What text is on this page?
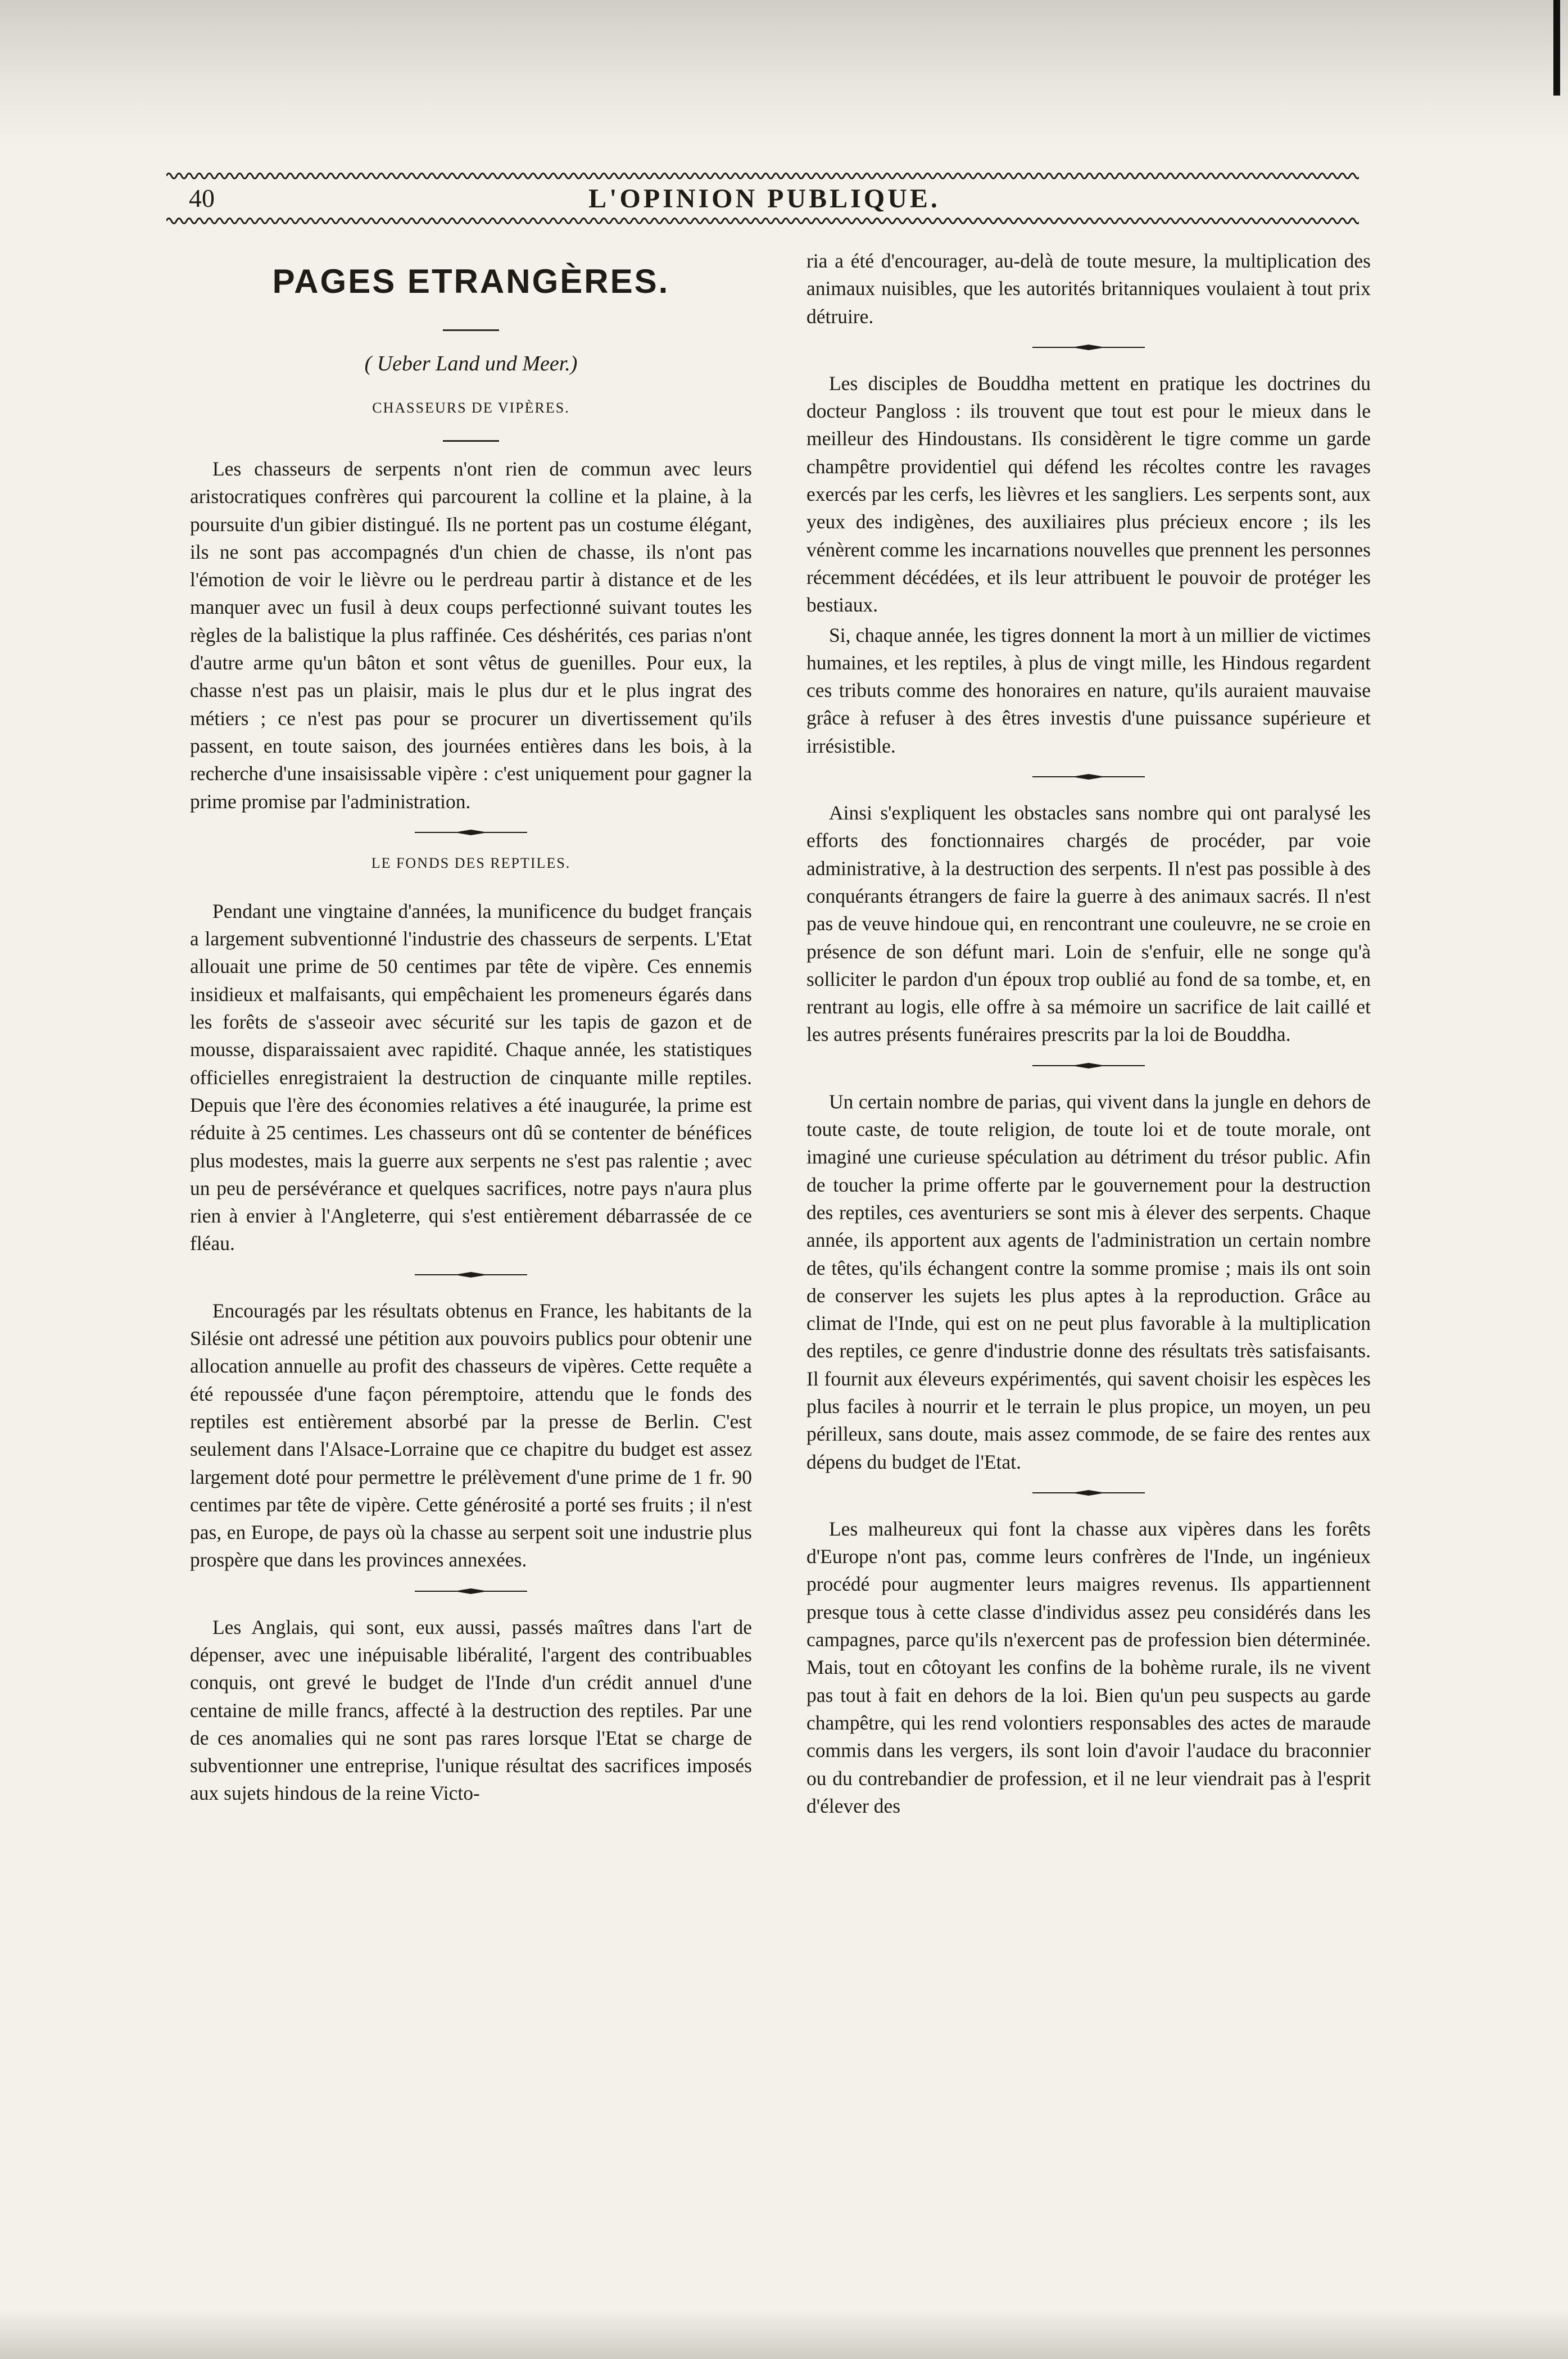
40	L'OPINION PUBLIQUE.
PAGES ETRANGÈRES.
( Ueber Land und Meer.)
CHASSEURS DE VIPÈRES.

Les chasseurs de serpents n'ont rien de commun avec leurs aristocratiques confrères qui parcourent la colline et la plaine, à la poursuite d'un gibier distingué. Ils ne portent pas un costume élégant, ils ne sont pas accompagnés d'un chien de chasse, ils n'ont pas l'émotion de voir le lièvre ou le perdreau partir à distance et de les manquer avec un fusil à deux coups perfectionné suivant toutes les règles de la balistique la plus raffinée. Ces déshérités, ces parias n'ont d'autre arme qu'un bâton et sont vêtus de guenilles. Pour eux, la chasse n'est pas un plaisir, mais le plus dur et le plus ingrat des métiers ; ce n'est pas pour se procurer un divertissement qu'ils passent, en toute saison, des journées entières dans les bois, à la recherche d'une insaisissable vipère : c'est uniquement pour gagner la prime promise par l'administration.

LE FONDS DES REPTILES.

Pendant une vingtaine d'années, la munificence du budget français a largement subventionné l'industrie des chasseurs de serpents. L'Etat allouait une prime de 50 centimes par tête de vipère. Ces ennemis insidieux et malfaisants, qui empêchaient les promeneurs égarés dans les forêts de s'asseoir avec sécurité sur les tapis de gazon et de mousse, disparaissaient avec rapidité. Chaque année, les statistiques officielles enregistraient la destruction de cinquante mille reptiles. Depuis que l'ère des économies relatives a été inaugurée, la prime est réduite à 25 centimes. Les chasseurs ont dû se contenter de bénéfices plus modestes, mais la guerre aux serpents ne s'est pas ralentie ; avec un peu de persévérance et quelques sacrifices, notre pays n'aura plus rien à envier à l'Angleterre, qui s'est entièrement débarrassée de ce fléau.

Encouragés par les résultats obtenus en France, les habitants de la Silésie ont adressé une pétition aux pouvoirs publics pour obtenir une allocation annuelle au profit des chasseurs de vipères. Cette requête a été repoussée d'une façon péremptoire, attendu que le fonds des reptiles est entièrement absorbé par la presse de Berlin. C'est seulement dans l'Alsace-Lorraine que ce chapitre du budget est assez largement doté pour permettre le prélèvement d'une prime de 1 fr. 90 centimes par tête de vipère. Cette générosité a porté ses fruits ; il n'est pas, en Europe, de pays où la chasse au serpent soit une industrie plus prospère que dans les provinces annexées.

Les Anglais, qui sont, eux aussi, passés maîtres dans l'art de dépenser, avec une inépuisable libéralité, l'argent des contribuables conquis, ont grevé le budget de l'Inde d'un crédit annuel d'une centaine de mille francs, affecté à la destruction des reptiles. Par une de ces anomalies qui ne sont pas rares lorsque l'Etat se charge de subventionner une entreprise, l'unique résultat des sacrifices imposés aux sujets hindous de la reine Victo-

ria a été d'encourager, au-delà de toute mesure, la multiplication des animaux nuisibles, que les autorités britanniques voulaient à tout prix détruire.

Les disciples de Bouddha mettent en pratique les doctrines du docteur Pangloss : ils trouvent que tout est pour le mieux dans le meilleur des Hindoustans. Ils considèrent le tigre comme un garde champêtre providentiel qui défend les récoltes contre les ravages exercés par les cerfs, les lièvres et les sangliers. Les serpents sont, aux yeux des indigènes, des auxiliaires plus précieux encore ; ils les vénèrent comme les incarnations nouvelles que prennent les personnes récemment décédées, et ils leur attribuent le pouvoir de protéger les bestiaux.

Si, chaque année, les tigres donnent la mort à un millier de victimes humaines, et les reptiles, à plus de vingt mille, les Hindous regardent ces tributs comme des honoraires en nature, qu'ils auraient mauvaise grâce à refuser à des êtres investis d'une puissance supérieure et irrésistible.

Ainsi s'expliquent les obstacles sans nombre qui ont paralysé les efforts des fonctionnaires chargés de procéder, par voie administrative, à la destruction des serpents. Il n'est pas possible à des conquérants étrangers de faire la guerre à des animaux sacrés. Il n'est pas de veuve hindoue qui, en rencontrant une couleuvre, ne se croie en présence de son défunt mari. Loin de s'enfuir, elle ne songe qu'à solliciter le pardon d'un époux trop oublié au fond de sa tombe, et, en rentrant au logis, elle offre à sa mémoire un sacrifice de lait caillé et les autres présents funéraires prescrits par la loi de Bouddha.

Un certain nombre de parias, qui vivent dans la jungle en dehors de toute caste, de toute religion, de toute loi et de toute morale, ont imaginé une curieuse spéculation au détriment du trésor public. Afin de toucher la prime offerte par le gouvernement pour la destruction des reptiles, ces aventuriers se sont mis à élever des serpents. Chaque année, ils apportent aux agents de l'administration un certain nombre de têtes, qu'ils échangent contre la somme promise ; mais ils ont soin de conserver les sujets les plus aptes à la reproduction. Grâce au climat de l'Inde, qui est on ne peut plus favorable à la multiplication des reptiles, ce genre d'industrie donne des résultats très satisfaisants. Il fournit aux éleveurs expérimentés, qui savent choisir les espèces les plus faciles à nourrir et le terrain le plus propice, un moyen, un peu périlleux, sans doute, mais assez commode, de se faire des rentes aux dépens du budget de l'Etat.

Les malheureux qui font la chasse aux vipères dans les forêts d'Europe n'ont pas, comme leurs confrères de l'Inde, un ingénieux procédé pour augmenter leurs maigres revenus. Ils appartiennent presque tous à cette classe d'individus assez peu considérés dans les campagnes, parce qu'ils n'exercent pas de profession bien déterminée. Mais, tout en côtoyant les confins de la bohème rurale, ils ne vivent pas tout à fait en dehors de la loi. Bien qu'un peu suspects au garde champêtre, qui les rend volontiers responsables des actes de maraude commis dans les vergers, ils sont loin d'avoir l'audace du braconnier ou du contrebandier de profession, et il ne leur viendrait pas à l'esprit d'élever des
